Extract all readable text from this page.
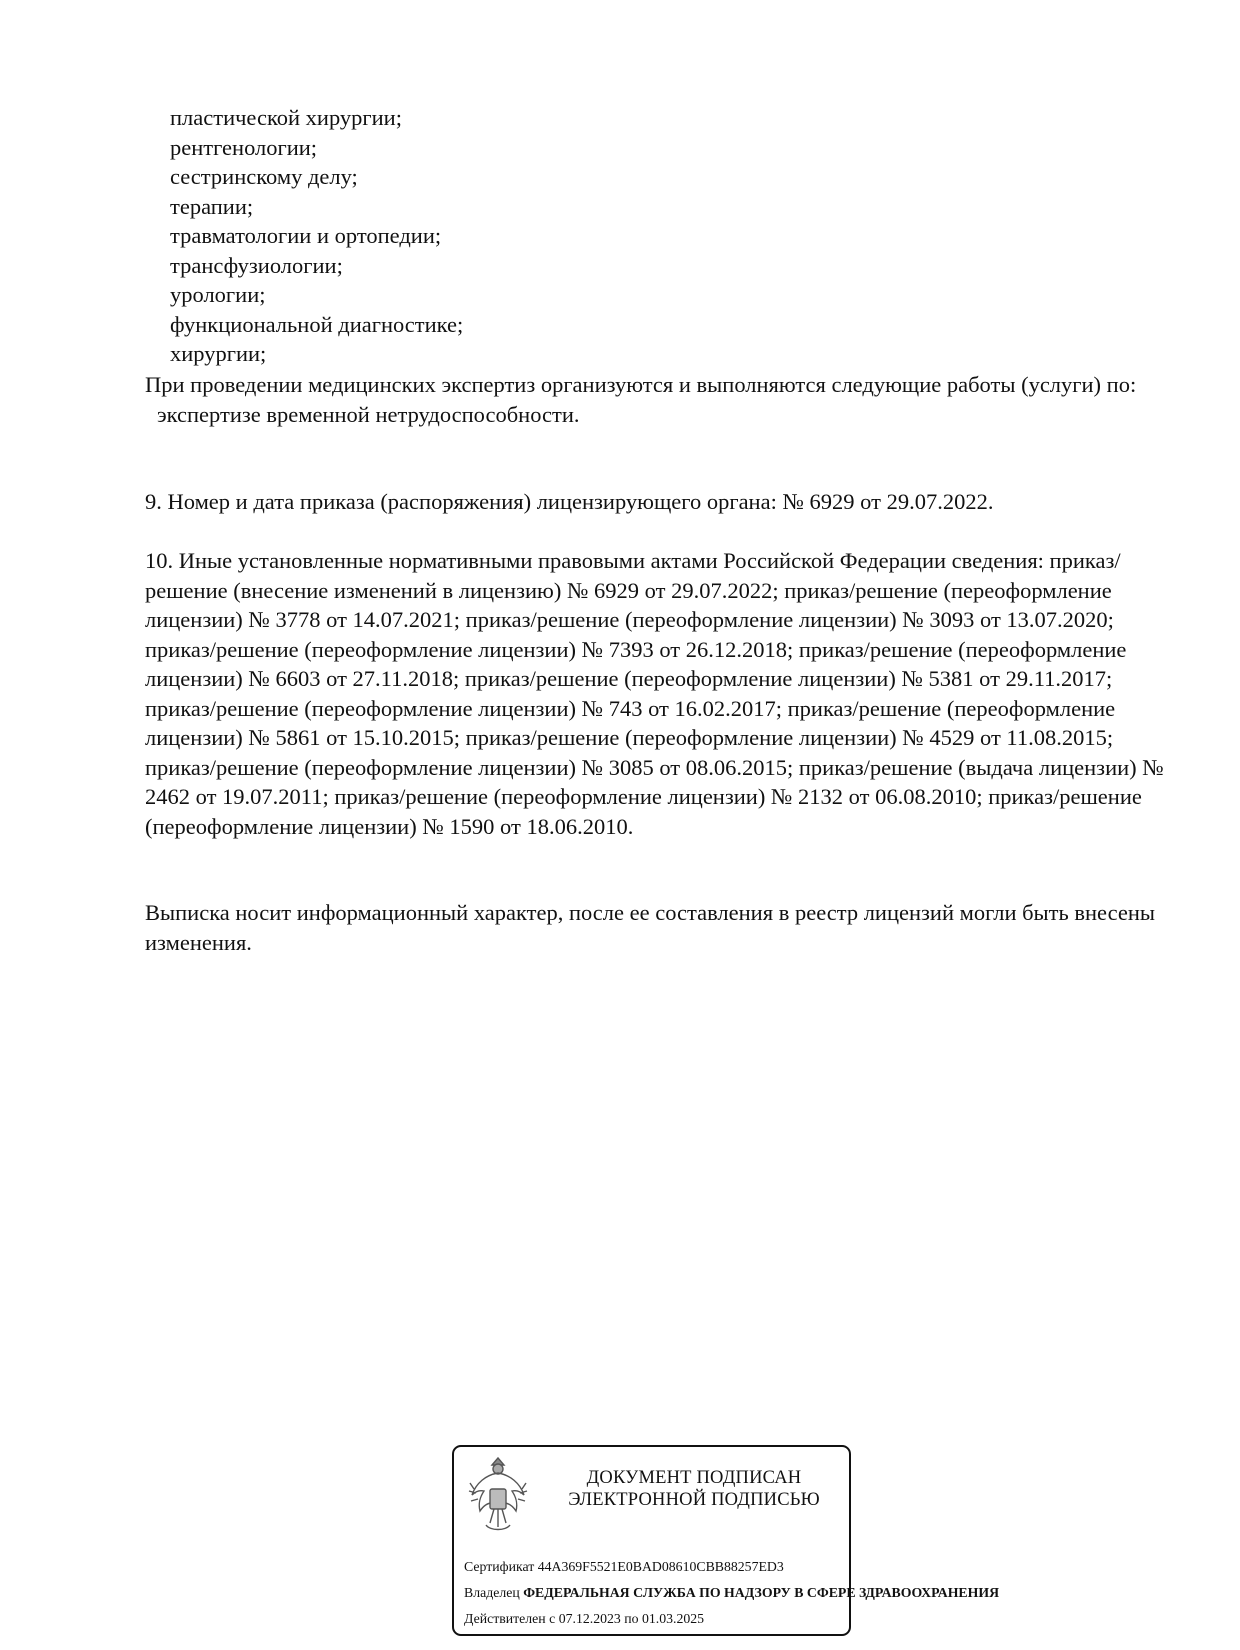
пластической хирургии;
рентгенологии;
сестринскому делу;
терапии;
травматологии и ортопедии;
трансфузиологии;
урологии;
функциональной диагностике;
хирургии;

При проведении медицинских экспертиз организуются и выполняются следующие работы (услуги) по:

экспертизе временной нетрудоспособности.

9. Номер и дата приказа (распоряжения) лицензирующего органа: № 6929 от 29.07.2022.

10. Иные установленные нормативными правовыми актами Российской Федерации сведения: приказ/решение (внесение изменений в лицензию) № 6929 от 29.07.2022; приказ/решение (переоформление лицензии) № 3778 от 14.07.2021; приказ/решение (переоформление лицензии) № 3093 от 13.07.2020; приказ/решение (переоформление лицензии) № 7393 от 26.12.2018; приказ/решение (переоформление лицензии) № 6603 от 27.11.2018; приказ/решение (переоформление лицензии) № 5381 от 29.11.2017; приказ/решение (переоформление лицензии) № 743 от 16.02.2017; приказ/решение (переоформление лицензии) № 5861 от 15.10.2015; приказ/решение (переоформление лицензии) № 4529 от 11.08.2015; приказ/решение (переоформление лицензии) № 3085 от 08.06.2015; приказ/решение (выдача лицензии) № 2462 от 19.07.2011; приказ/решение (переоформление лицензии) № 2132 от 06.08.2010; приказ/решение (переоформление лицензии) № 1590 от 18.06.2010.

Выписка носит информационный характер, после ее составления в реестр лицензий могли быть внесены изменения.

ДОКУМЕНТ ПОДПИСАН
ЭЛЕКТРОННОЙ ПОДПИСЬЮ
Сертификат 44A369F5521E0BAD08610CBB88257ED3
Владелец ФЕДЕРАЛЬНАЯ СЛУЖБА ПО НАДЗОРУ В СФЕРЕ ЗДРАВООХРАНЕНИЯ
Действителен с 07.12.2023 по 01.03.2025
